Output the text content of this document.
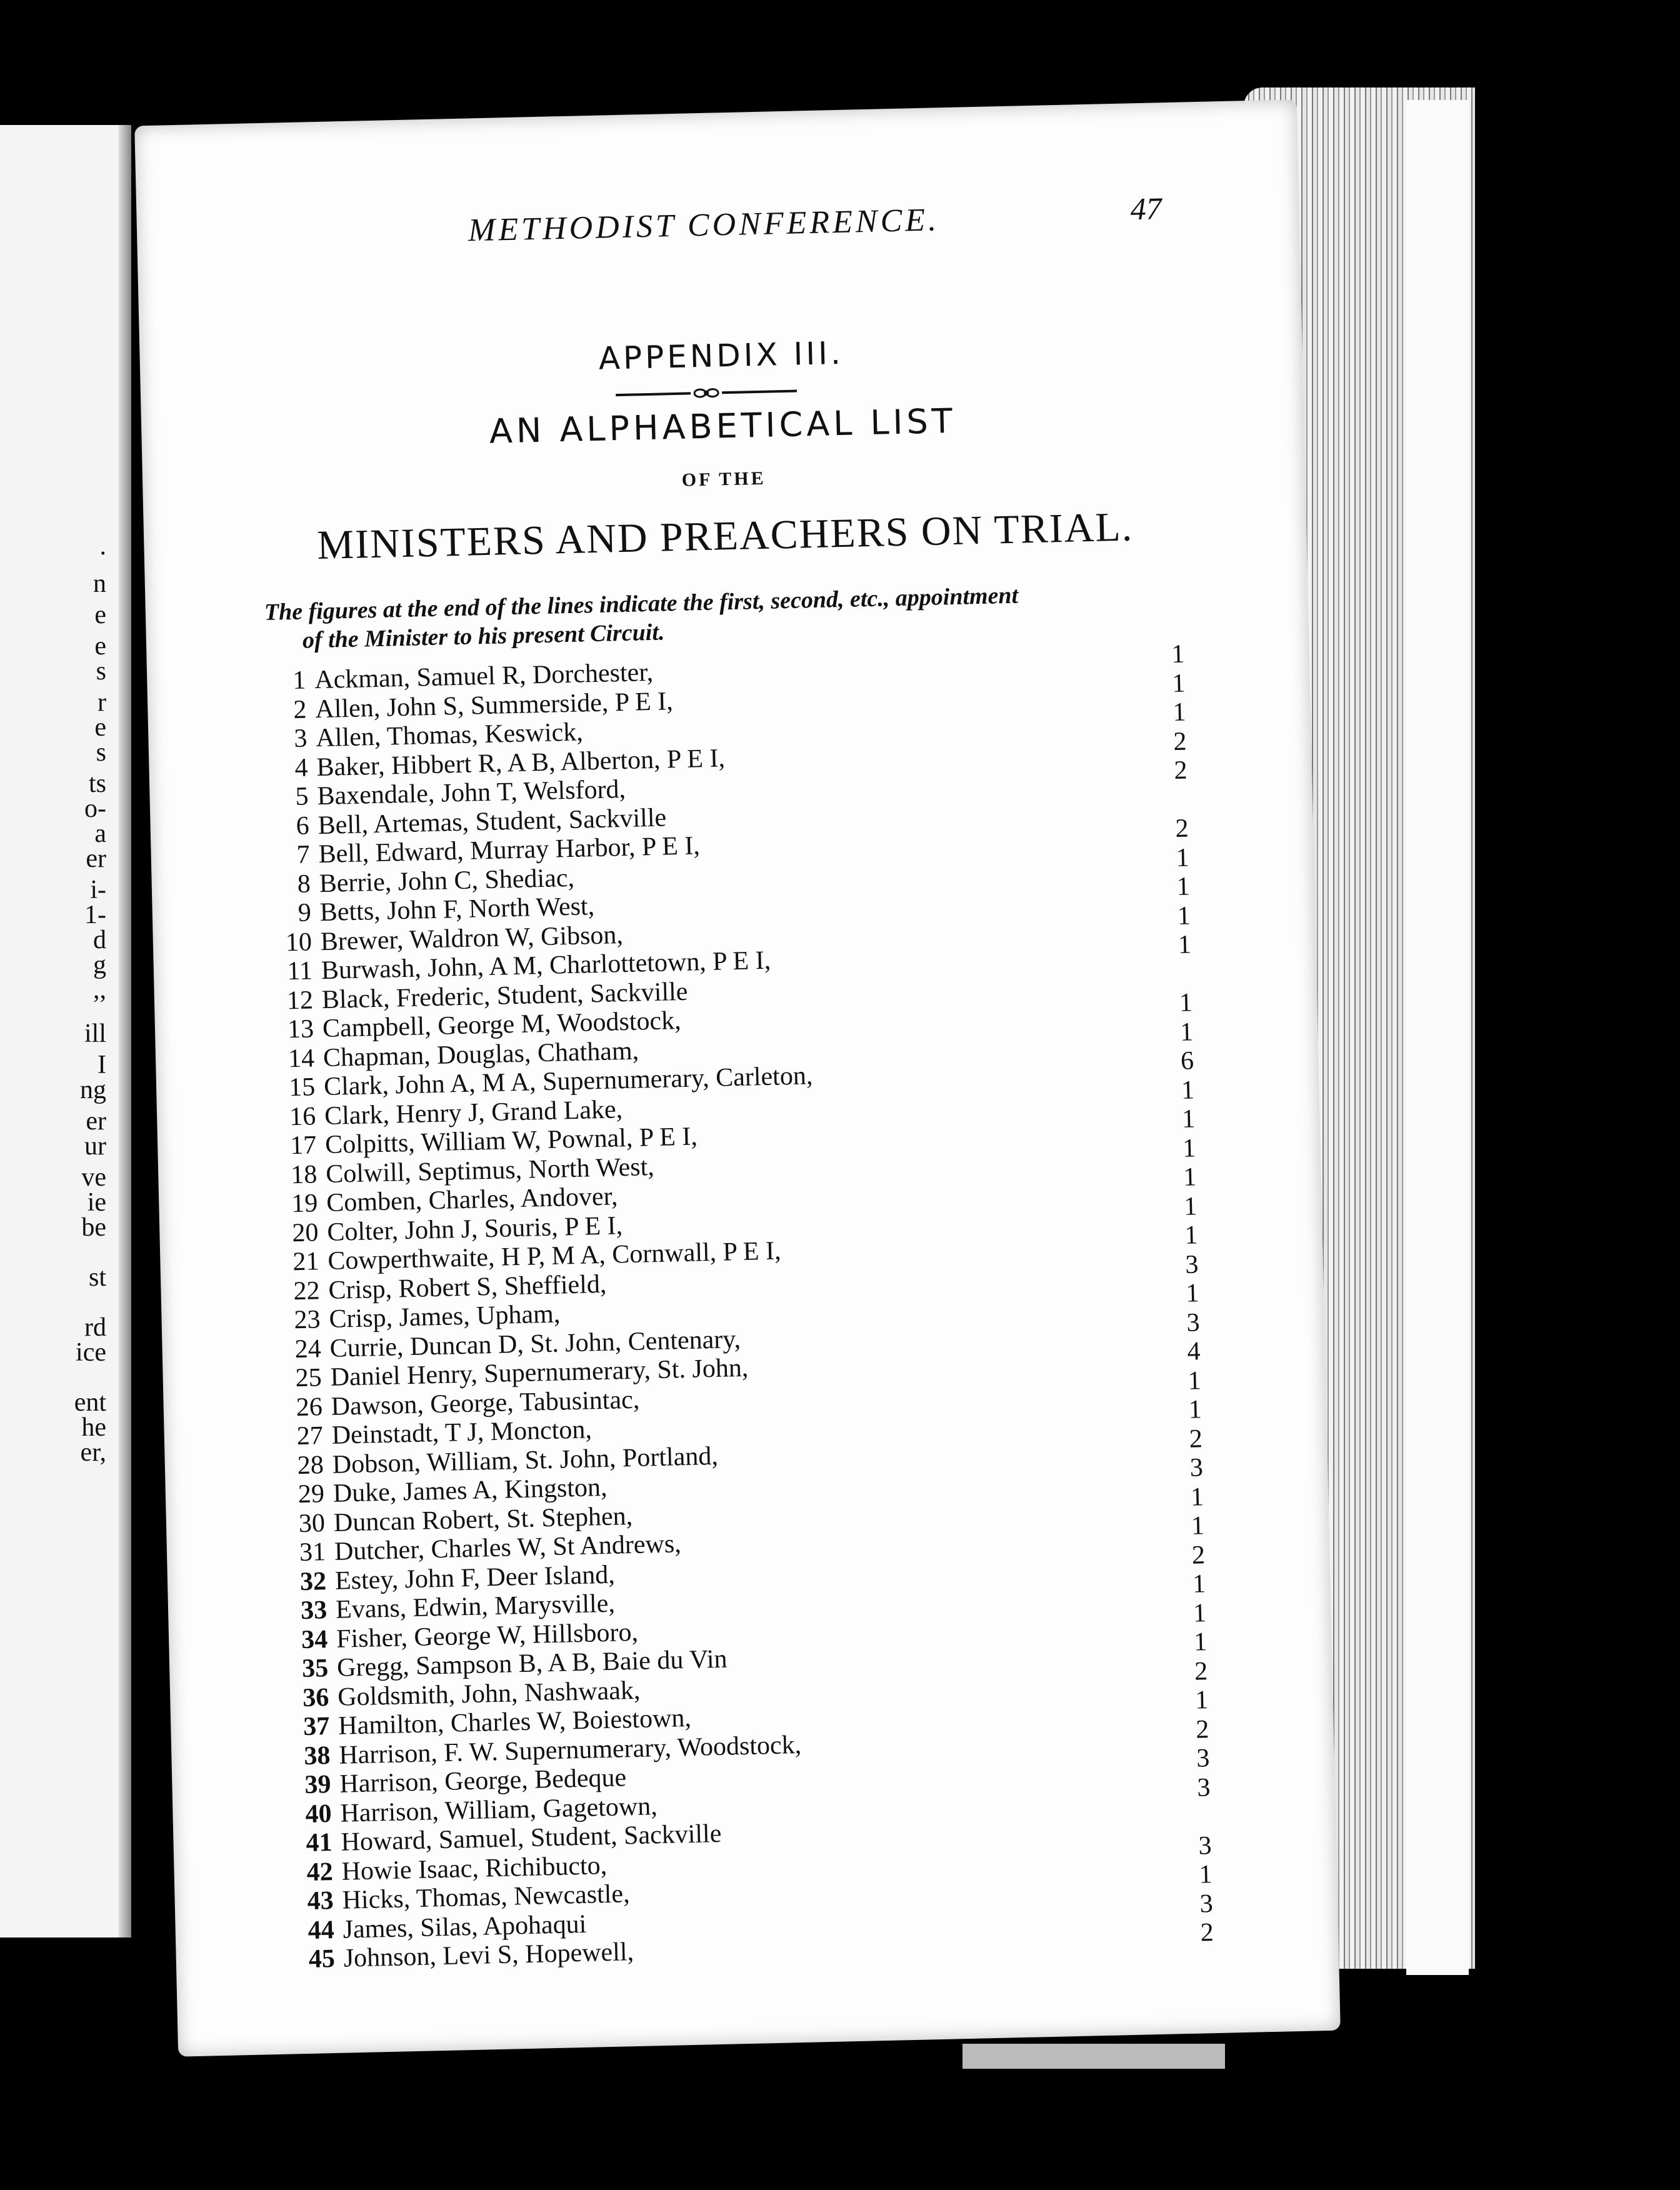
.
n
e
e
s
r
e
s
ts
o-
a
er
i-
1-
d
g
,,
ill
I
ng
er
ur
ve
ie
be
st
rd
ice
ent
he
er,
METHODIST CONFERENCE.	47
APPENDIX III.
AN ALPHABETICAL LIST
OF THE
MINISTERS AND PREACHERS ON TRIAL.
The figures at the end of the lines indicate the first, second, etc., appointment
of the Minister to his present Circuit.
1 Ackman, Samuel R, Dorchester,
1
2 Allen, John S, Summerside, P E I,
1
3 Allen, Thomas, Keswick,
1
4 Baker, Hibbert R, A B, Alberton, P E I,
2
5 Baxendale, John T, Welsford,
2
6 Bell, Artemas, Student, Sackville
7 Bell, Edward, Murray Harbor, P E I,
2
8 Berrie, John C, Shediac,
1
9 Betts, John F, North West,
1
10 Brewer, Waldron W, Gibson,
1
11 Burwash, John, A M, Charlottetown, P E I,
1
12 Black, Frederic, Student, Sackville
13 Campbell, George M, Woodstock,
1
14 Chapman, Douglas, Chatham,
1
15 Clark, John A, M A, Supernumerary, Carleton,
6
16 Clark, Henry J, Grand Lake,
1
17 Colpitts, William W, Pownal, P E I,
1
18 Colwill, Septimus, North West,
1
19 Comben, Charles, Andover,
1
20 Colter, John J, Souris, P E I,
1
21 Cowperthwaite, H P, M A, Cornwall, P E I,
1
22 Crisp, Robert S, Sheffield,
3
23 Crisp, James, Upham,
1
24 Currie, Duncan D, St. John, Centenary,
3
25 Daniel Henry, Supernumerary, St. John,
4
26 Dawson, George, Tabusintac,
1
27 Deinstadt, T J, Moncton,
1
28 Dobson, William, St. John, Portland,
2
29 Duke, James A, Kingston,
3
30 Duncan Robert, St. Stephen,
1
31 Dutcher, Charles W, St Andrews,
1
32 Estey, John F, Deer Island,
2
33 Evans, Edwin, Marysville,
1
34 Fisher, George W, Hillsboro,
1
35 Gregg, Sampson B, A B, Baie du Vin
1
36 Goldsmith, John, Nashwaak,
2
37 Hamilton, Charles W, Boiestown,
1
38 Harrison, F. W. Supernumerary, Woodstock,
2
39 Harrison, George, Bedeque
3
40 Harrison, William, Gagetown,
3
41 Howard, Samuel, Student, Sackville
42 Howie Isaac, Richibucto,
3
43 Hicks, Thomas, Newcastle,
1
44 James, Silas, Apohaqui
3
45 Johnson, Levi S, Hopewell,
2
